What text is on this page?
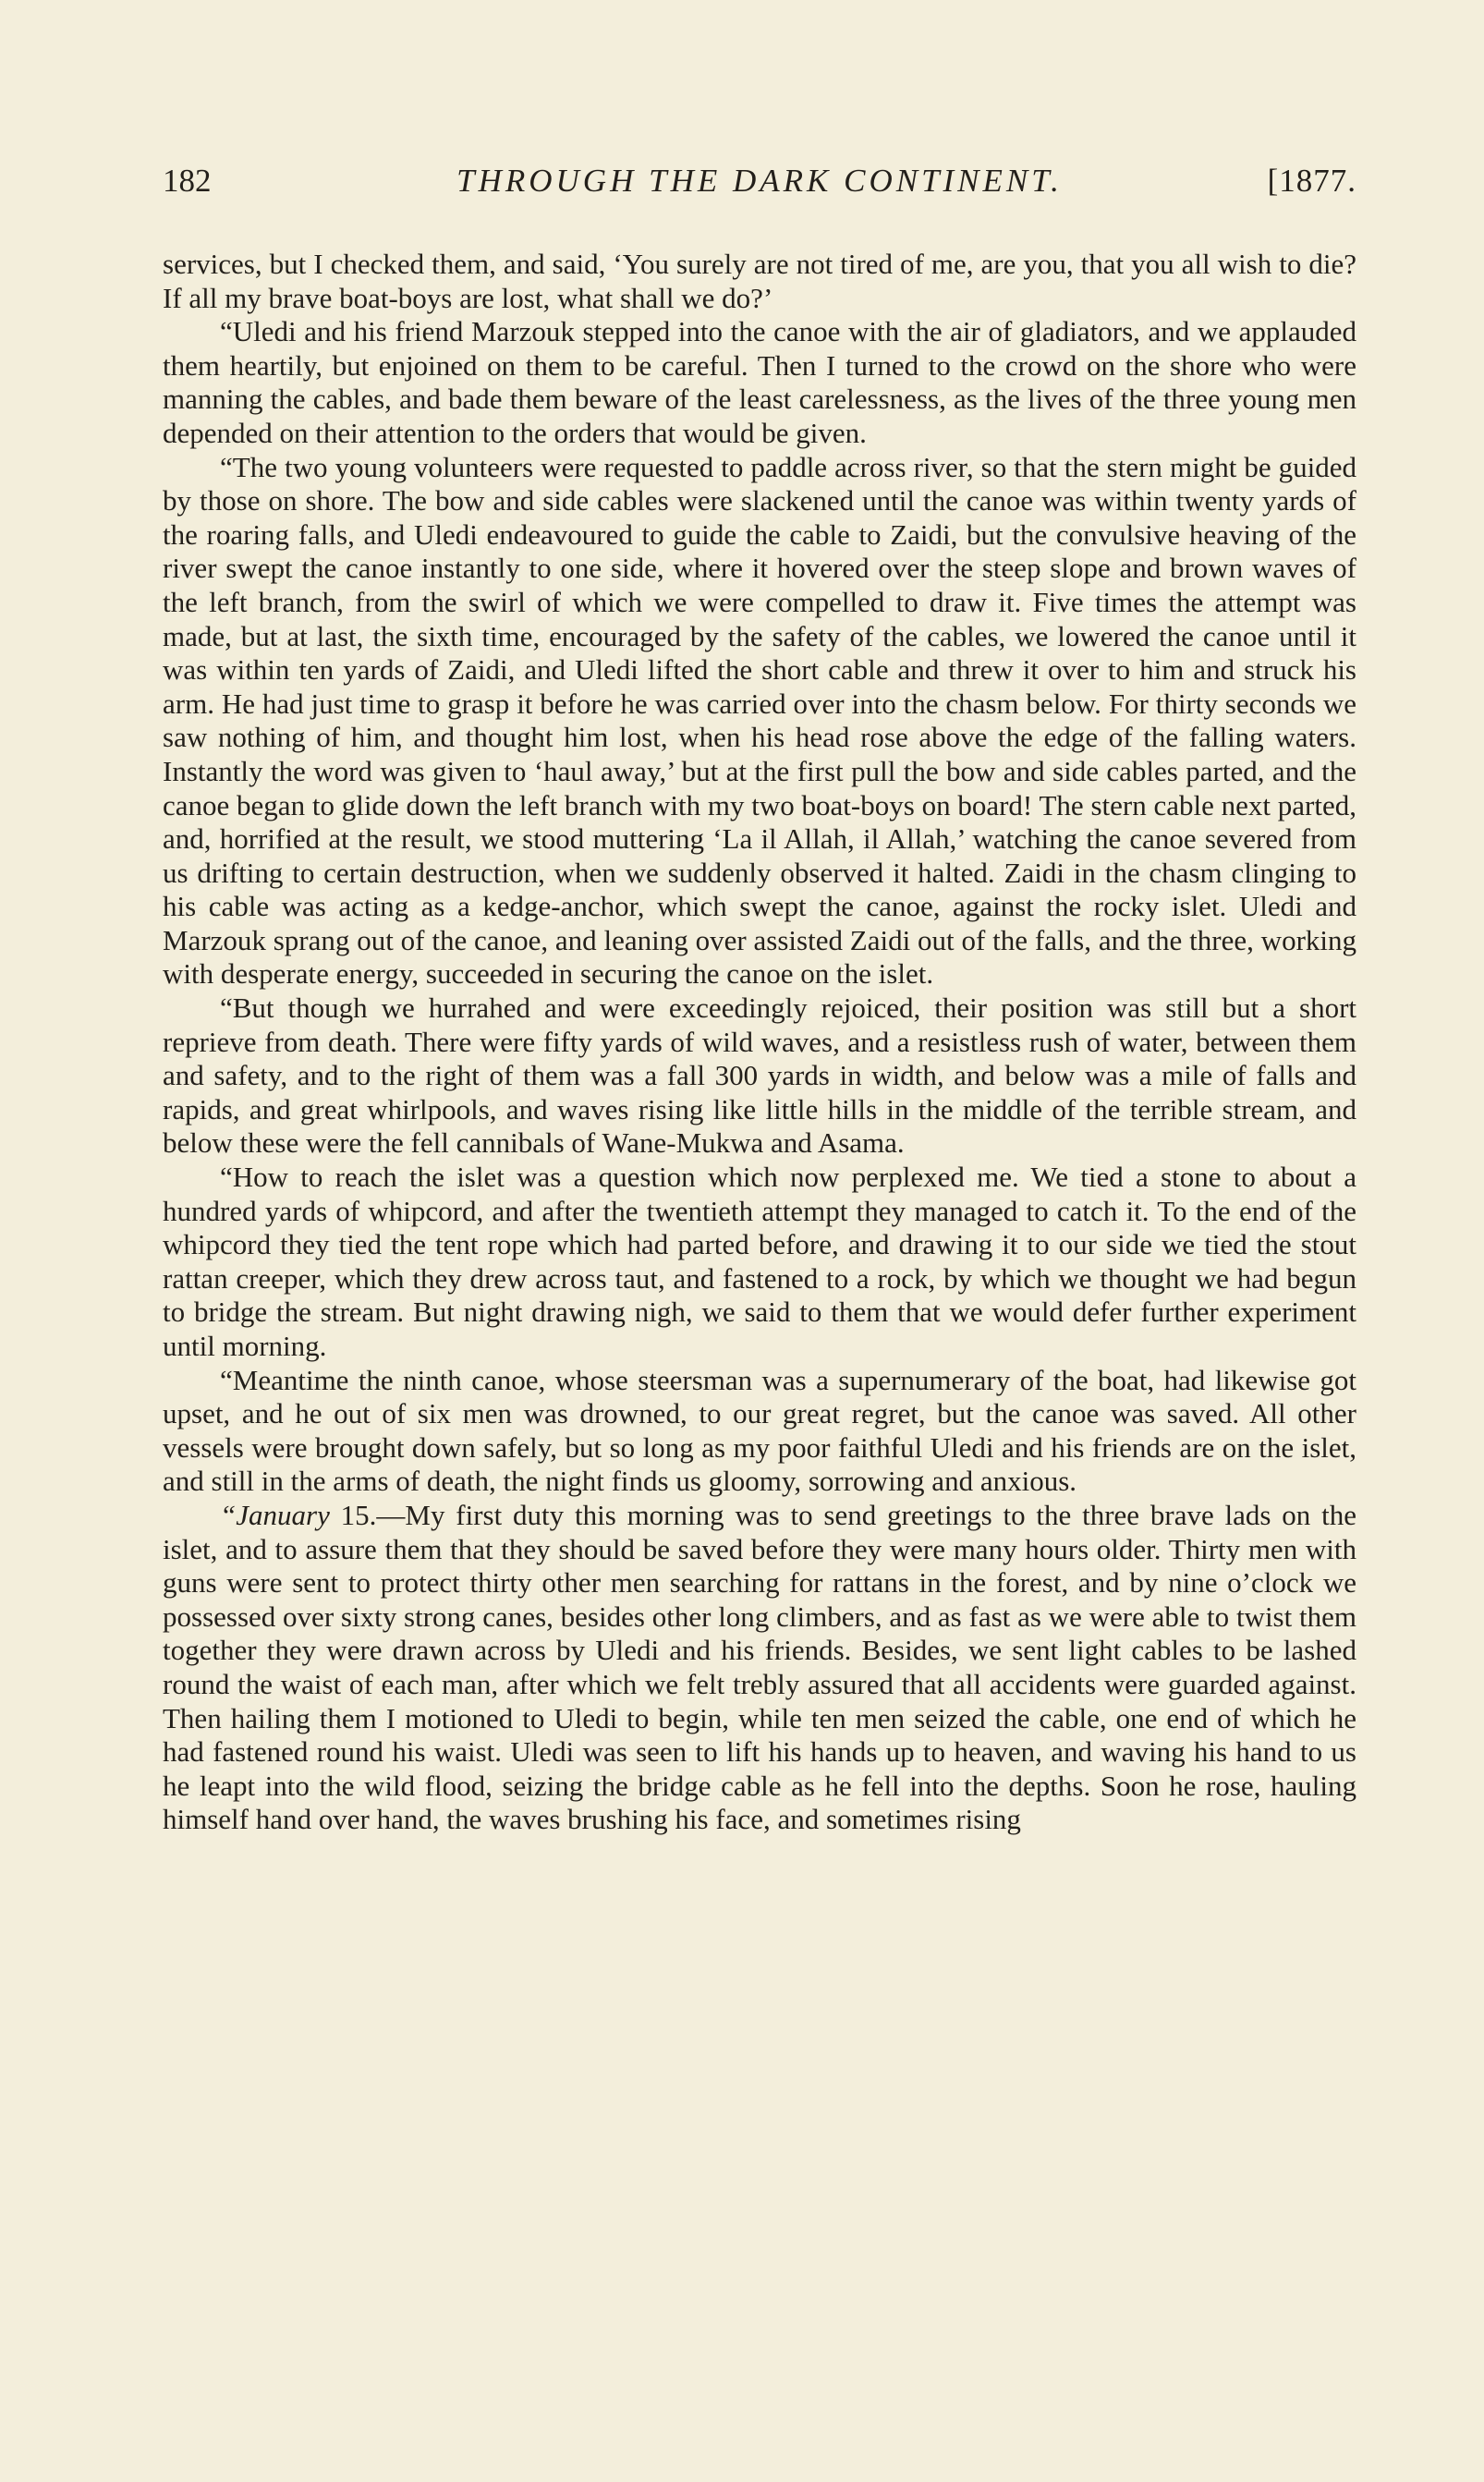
182	THROUGH THE DARK CONTINENT.	[1877.

services, but I checked them, and said, ‘You surely are not tired of me, are you, that you all wish to die? If all my brave boat-boys are lost, what shall we do?’

“Uledi and his friend Marzouk stepped into the canoe with the air of gladiators, and we applauded them heartily, but enjoined on them to be careful. Then I turned to the crowd on the shore who were manning the cables, and bade them beware of the least carelessness, as the lives of the three young men depended on their attention to the orders that would be given.

“The two young volunteers were requested to paddle across river, so that the stern might be guided by those on shore. The bow and side cables were slackened until the canoe was within twenty yards of the roaring falls, and Uledi endeavoured to guide the cable to Zaidi, but the convulsive heaving of the river swept the canoe instantly to one side, where it hovered over the steep slope and brown waves of the left branch, from the swirl of which we were compelled to draw it. Five times the attempt was made, but at last, the sixth time, encouraged by the safety of the cables, we lowered the canoe until it was within ten yards of Zaidi, and Uledi lifted the short cable and threw it over to him and struck his arm. He had just time to grasp it before he was carried over into the chasm below. For thirty seconds we saw nothing of him, and thought him lost, when his head rose above the edge of the falling waters. Instantly the word was given to ‘haul away,’ but at the first pull the bow and side cables parted, and the canoe began to glide down the left branch with my two boat-boys on board! The stern cable next parted, and, horrified at the result, we stood muttering ‘La il Allah, il Allah,’ watching the canoe severed from us drifting to certain destruction, when we suddenly observed it halted. Zaidi in the chasm clinging to his cable was acting as a kedge-anchor, which swept the canoe, against the rocky islet. Uledi and Marzouk sprang out of the canoe, and leaning over assisted Zaidi out of the falls, and the three, working with desperate energy, succeeded in securing the canoe on the islet.

“But though we hurrahed and were exceedingly rejoiced, their position was still but a short reprieve from death. There were fifty yards of wild waves, and a resistless rush of water, between them and safety, and to the right of them was a fall 300 yards in width, and below was a mile of falls and rapids, and great whirlpools, and waves rising like little hills in the middle of the terrible stream, and below these were the fell cannibals of Wane-Mukwa and Asama.

“How to reach the islet was a question which now perplexed me. We tied a stone to about a hundred yards of whipcord, and after the twentieth attempt they managed to catch it. To the end of the whipcord they tied the tent rope which had parted before, and drawing it to our side we tied the stout rattan creeper, which they drew across taut, and fastened to a rock, by which we thought we had begun to bridge the stream. But night drawing nigh, we said to them that we would defer further experiment until morning.

“Meantime the ninth canoe, whose steersman was a supernumerary of the boat, had likewise got upset, and he out of six men was drowned, to our great regret, but the canoe was saved. All other vessels were brought down safely, but so long as my poor faithful Uledi and his friends are on the islet, and still in the arms of death, the night finds us gloomy, sorrowing and anxious.

“January 15.—My first duty this morning was to send greetings to the three brave lads on the islet, and to assure them that they should be saved before they were many hours older. Thirty men with guns were sent to protect thirty other men searching for rattans in the forest, and by nine o’clock we possessed over sixty strong canes, besides other long climbers, and as fast as we were able to twist them together they were drawn across by Uledi and his friends. Besides, we sent light cables to be lashed round the waist of each man, after which we felt trebly assured that all accidents were guarded against. Then hailing them I motioned to Uledi to begin, while ten men seized the cable, one end of which he had fastened round his waist. Uledi was seen to lift his hands up to heaven, and waving his hand to us he leapt into the wild flood, seizing the bridge cable as he fell into the depths. Soon he rose, hauling himself hand over hand, the waves brushing his face, and sometimes rising
